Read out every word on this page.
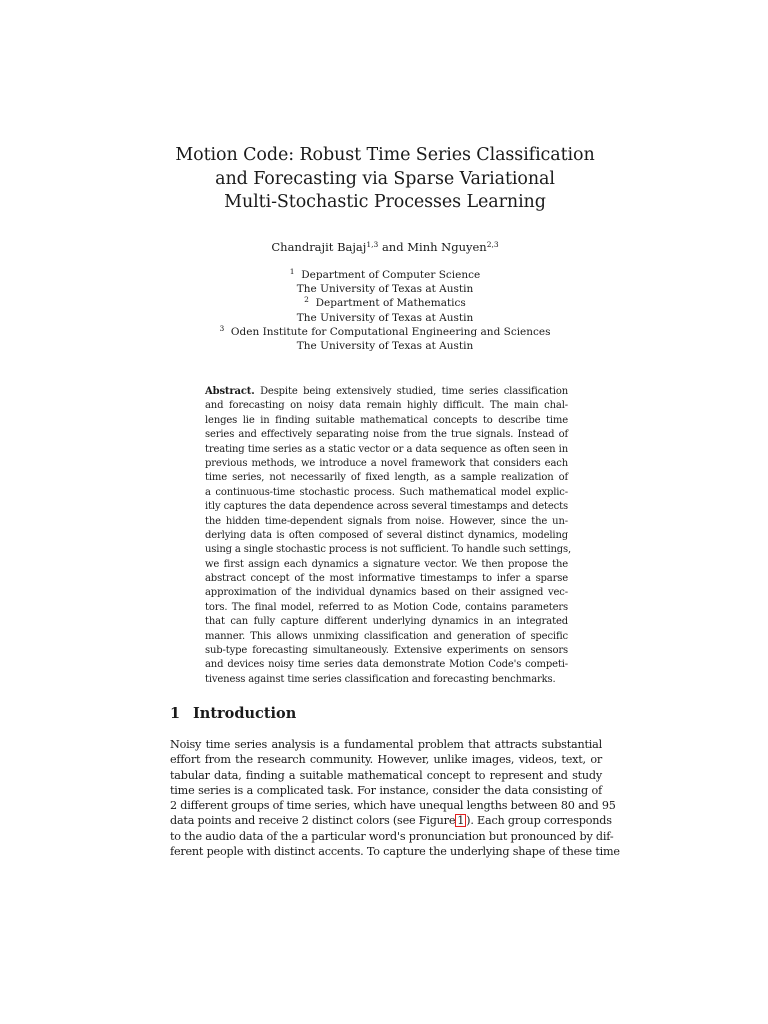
Motion Code: Robust Time Series Classification
and Forecasting via Sparse Variational
Multi-Stochastic Processes Learning
Chandrajit Bajaj$^{1,3}$ and Minh Nguyen$^{2,3}$
$^1$ Department of Computer Science
The University of Texas at Austin
$^2$ Department of Mathematics
The University of Texas at Austin
$^3$ Oden Institute for Computational Engineering and Sciences
The University of Texas at Austin
Abstract. Despite being extensively studied, time series classification
and forecasting on noisy data remain highly difficult. The main chal-
lenges lie in finding suitable mathematical concepts to describe time
series and effectively separating noise from the true signals. Instead of
treating time series as a static vector or a data sequence as often seen in
previous methods, we introduce a novel framework that considers each
time series, not necessarily of fixed length, as a sample realization of
a continuous-time stochastic process. Such mathematical model explic-
itly captures the data dependence across several timestamps and detects
the hidden time-dependent signals from noise. However, since the un-
derlying data is often composed of several distinct dynamics, modeling
using a single stochastic process is not sufficient. To handle such settings,
we first assign each dynamics a signature vector. We then propose the
abstract concept of the most informative timestamps to infer a sparse
approximation of the individual dynamics based on their assigned vec-
tors. The final model, referred to as Motion Code, contains parameters
that can fully capture different underlying dynamics in an integrated
manner. This allows unmixing classification and generation of specific
sub-type forecasting simultaneously. Extensive experiments on sensors
and devices noisy time series data demonstrate Motion Code's competi-
tiveness against time series classification and forecasting benchmarks.
1 Introduction
Noisy time series analysis is a fundamental problem that attracts substantial
effort from the research community. However, unlike images, videos, text, or
tabular data, finding a suitable mathematical concept to represent and study
time series is a complicated task. For instance, consider the data consisting of
2 different groups of time series, which have unequal lengths between 80 and 95
data points and receive 2 distinct colors (see Figure 1 ). Each group corresponds
to the audio data of the a particular word's pronunciation but pronounced by dif-
ferent people with distinct accents. To capture the underlying shape of these time
